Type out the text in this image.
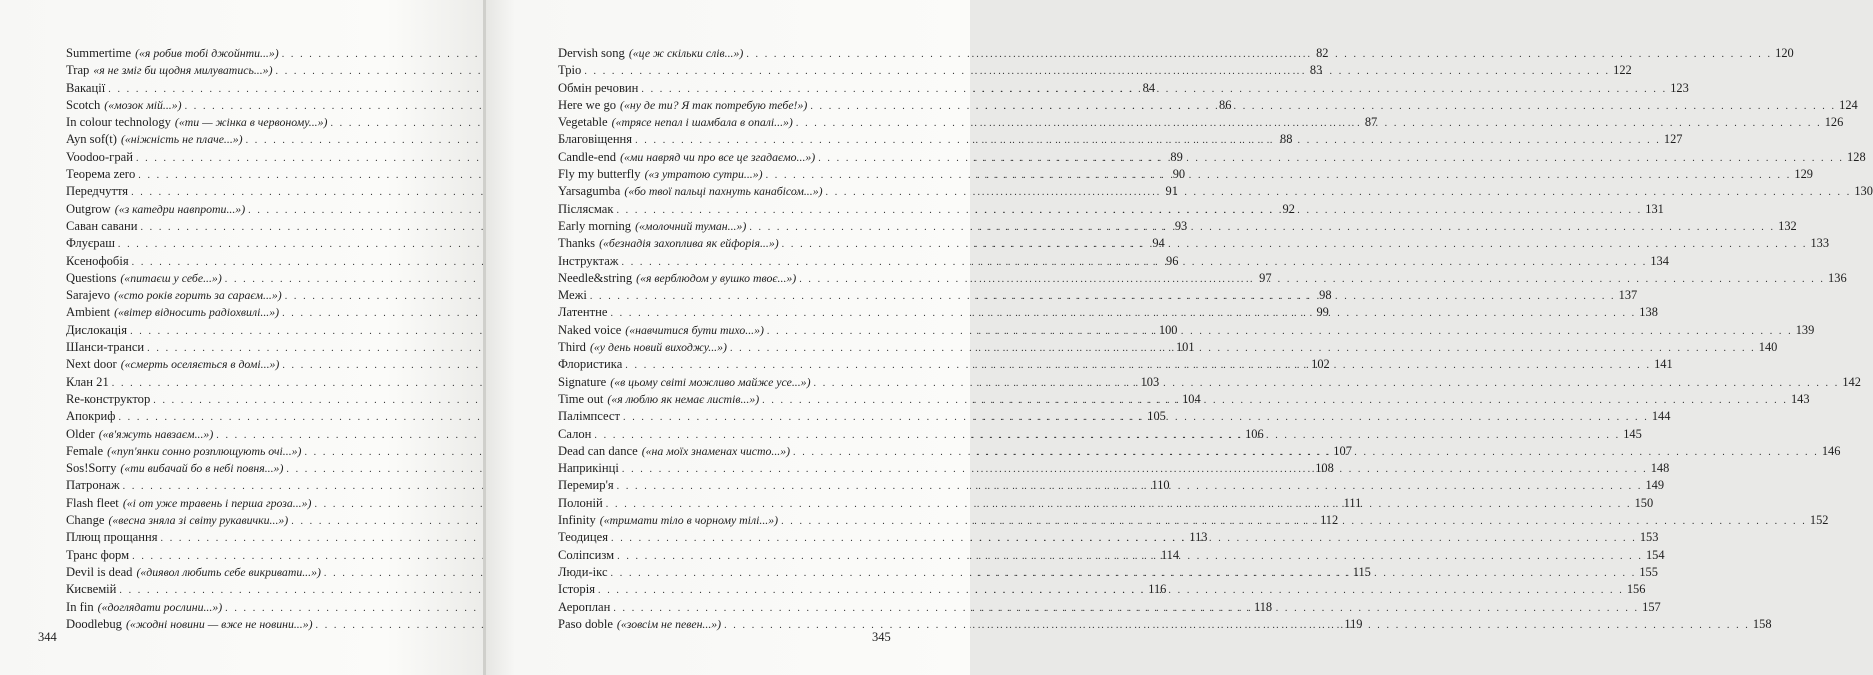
Summertime («я робив тобі джойнти...») . . .	82
Trap «я не зміг би щодня милуватись...») . . .	83
Вакації . . .	84
Scotch («мозок мій...») . . .	86
In colour technology («ти — жінка в червоному...») . . .	87
Ayn sof(t) («ніжність не плаче...») . . .	88
Voodoo-грай . . .	89
Теорема zero . . .	90
Передчуття . . .	91
Outgrow («з катедри навпроти...») . . .	92
Саван савани . . .	93
Флуєраш . . .	94
Ксенофобія . . .	96
Questions («питаєш у себе...») . . .	97
Sarajevo («сто років горить за сараєм...») . . .	98
Ambient («вітер відносить радіохвилі...») . . .	99
Дислокація . . .	100
Шанси-транси . . .	101
Next door («смерть оселяється в домі...») . . .	102
Клан 21 . . .	103
Re-конструктор . . .	104
Апокриф . . .	105
Older («в'яжуть навзаєм...») . . .	106
Female («пуп'янки сонно розплющують очі...») . . .	107
Sos!Sorry («ти вибачай бо в небі повня...») . . .	108
Патронаж . . .	110
Flash fleet («і от уже травень і перша гроза...») . . .	111
Change («весна зняла зі світу рукавички...») . . .	112
Плющ прощання . . .	113
Транс форм . . .	114
Devil is dead («диявол любить себе викривати...») . . .	115
Кисвемій . . .	116
In fin («доглядати рослини...») . . .	118
Doodlebug («жодні новини — вже не новини...») . . .	119
344
Dervish song («це ж скільки слів...») . . .	120
Тріо . . .	122
Обмін речовин . . .	123
Here we go («ну де ти? Я так потребую тебе!») . . .	124
Vegetable («трясе непал і шамбала в опалі...») . . .	126
Благовіщення . . .	127
Candle-end («ми навряд чи про все це згадаємо...») . . .	128
Fly my butterfly («з утратою сутри...») . . .	129
Yarsagumba («бо твої пальці пахнуть канабісом...») . . .	130
Післясмак . . .	131
Early morning («молочний туман...») . . .	132
Thanks («безнадія захоплива як ейфорія...») . . .	133
Інструктаж . . .	134
Needle&string («я верблюдом у вушко твоє...») . . .	136
Межі . . .	137
Латентне . . .	138
Naked voice («навчитися бути тихо...») . . .	139
Third («у день новий виходжу...») . . .	140
Флористика . . .	141
Signature («в цьому світі можливо майже усе...») . . .	142
Time out («я люблю як немає листів...») . . .	143
Палімпсест . . .	144
Салон . . .	145
Dead can dance («на моїх знаменах чисто...») . . .	146
Наприкінці . . .	148
Перемир'я . . .	149
Полоній . . .	150
Infinity («тримати тіло в чорному тілі...») . . .	152
Теодицея . . .	153
Соліпсизм . . .	154
Люди-ікс . . .	155
Історія . . .	156
Аероплан . . .	157
Paso doble («зовсім не певен...») . . .	158
345
